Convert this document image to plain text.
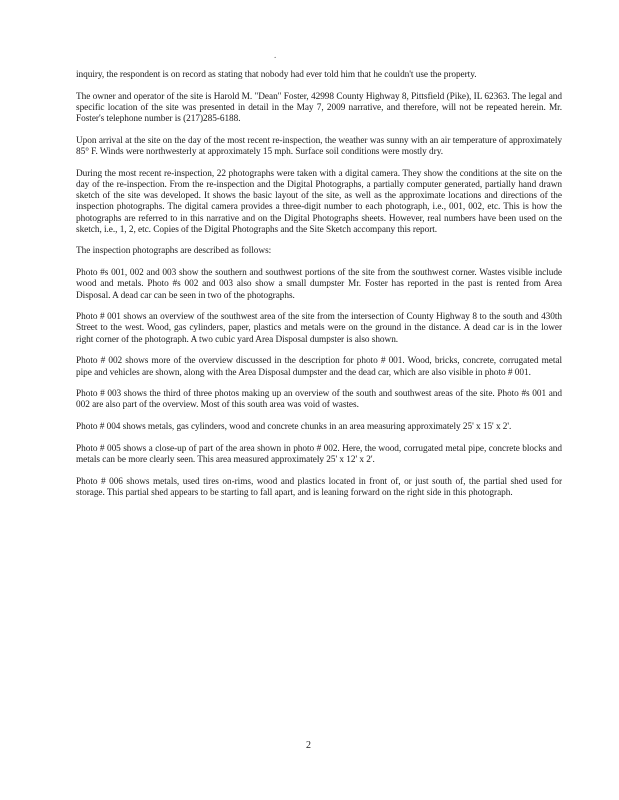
.

inquiry, the respondent is on record as stating that nobody had ever told him that he couldn't use the property.

The owner and operator of the site is Harold M. "Dean" Foster, 42998 County Highway 8, Pittsfield (Pike), IL 62363. The legal and specific location of the site was presented in detail in the May 7, 2009 narrative, and therefore, will not be repeated herein. Mr. Foster's telephone number is (217)285-6188.

Upon arrival at the site on the day of the most recent re-inspection, the weather was sunny with an air temperature of approximately 85° F. Winds were northwesterly at approximately 15 mph. Surface soil conditions were mostly dry.

During the most recent re-inspection, 22 photographs were taken with a digital camera. They show the conditions at the site on the day of the re-inspection. From the re-inspection and the Digital Photographs, a partially computer generated, partially hand drawn sketch of the site was developed. It shows the basic layout of the site, as well as the approximate locations and directions of the inspection photographs. The digital camera provides a three-digit number to each photograph, i.e., 001, 002, etc. This is how the photographs are referred to in this narrative and on the Digital Photographs sheets. However, real numbers have been used on the sketch, i.e., 1, 2, etc. Copies of the Digital Photographs and the Site Sketch accompany this report.

The inspection photographs are described as follows:

Photo #s 001, 002 and 003 show the southern and southwest portions of the site from the southwest corner. Wastes visible include wood and metals. Photo #s 002 and 003 also show a small dumpster Mr. Foster has reported in the past is rented from Area Disposal. A dead car can be seen in two of the photographs.

Photo # 001 shows an overview of the southwest area of the site from the intersection of County Highway 8 to the south and 430th Street to the west. Wood, gas cylinders, paper, plastics and metals were on the ground in the distance. A dead car is in the lower right corner of the photograph. A two cubic yard Area Disposal dumpster is also shown.

Photo # 002 shows more of the overview discussed in the description for photo # 001. Wood, bricks, concrete, corrugated metal pipe and vehicles are shown, along with the Area Disposal dumpster and the dead car, which are also visible in photo # 001.

Photo # 003 shows the third of three photos making up an overview of the south and southwest areas of the site. Photo #s 001 and 002 are also part of the overview. Most of this south area was void of wastes.

Photo # 004 shows metals, gas cylinders, wood and concrete chunks in an area measuring approximately 25' x 15' x 2'.

Photo # 005 shows a close-up of part of the area shown in photo # 002. Here, the wood, corrugated metal pipe, concrete blocks and metals can be more clearly seen. This area measured approximately 25' x 12' x 2'.

Photo # 006 shows metals, used tires on-rims, wood and plastics located in front of, or just south of, the partial shed used for storage. This partial shed appears to be starting to fall apart, and is leaning forward on the right side in this photograph.

2
